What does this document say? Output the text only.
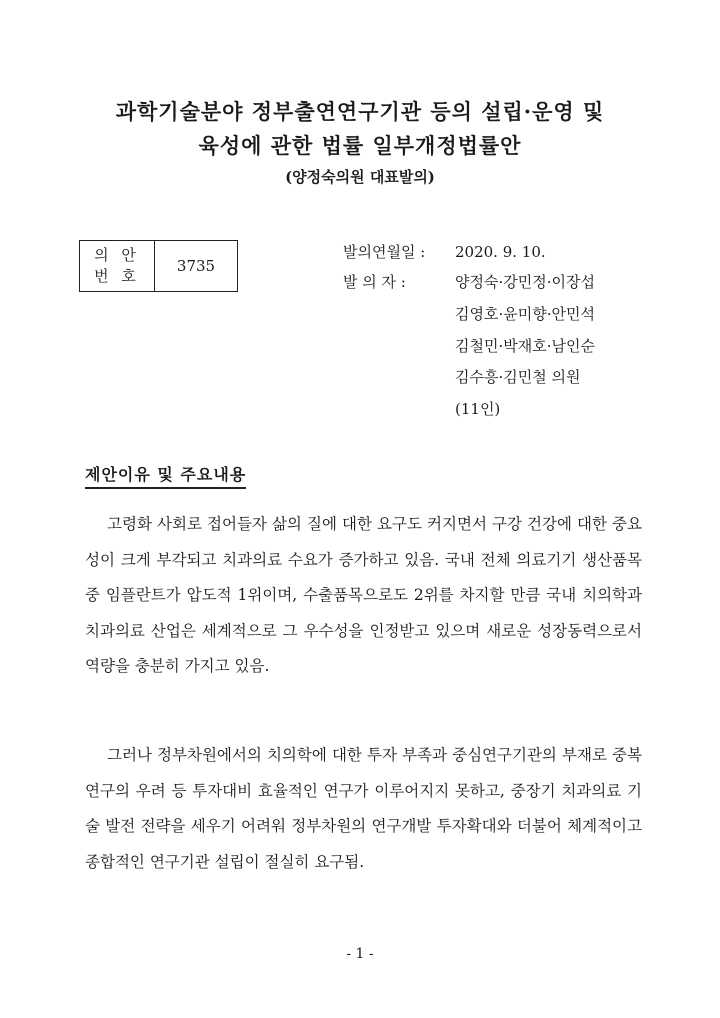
과학기술분야 정부출연연구기관 등의 설립·운영 및
육성에 관한 법률 일부개정법률안
(양정숙의원 대표발의)
의 안
번 호
	3735
발의연월일 : 2020. 9. 10.
발 의 자 :	양정숙·강민정·이장섭
김영호·윤미향·안민석
김철민·박재호·남인순
김수흥·김민철 의원
(11인)
제안이유 및 주요내용

고령화 사회로 접어들자 삶의 질에 대한 요구도 커지면서 구강 건강에 대한 중요성이 크게 부각되고 치과의료 수요가 증가하고 있음. 국내 전체 의료기기 생산품목 중 임플란트가 압도적 1위이며, 수출품목으로도 2위를 차지할 만큼 국내 치의학과 치과의료 산업은 세계적으로 그 우수성을 인정받고 있으며 새로운 성장동력으로서 역량을 충분히 가지고 있음.

그러나 정부차원에서의 치의학에 대한 투자 부족과 중심연구기관의 부재로 중복 연구의 우려 등 투자대비 효율적인 연구가 이루어지지 못하고, 중장기 치과의료 기술 발전 전략을 세우기 어려워 정부차원의 연구개발 투자확대와 더불어 체계적이고 종합적인 연구기관 설립이 절실히 요구됨.

- 1 -
